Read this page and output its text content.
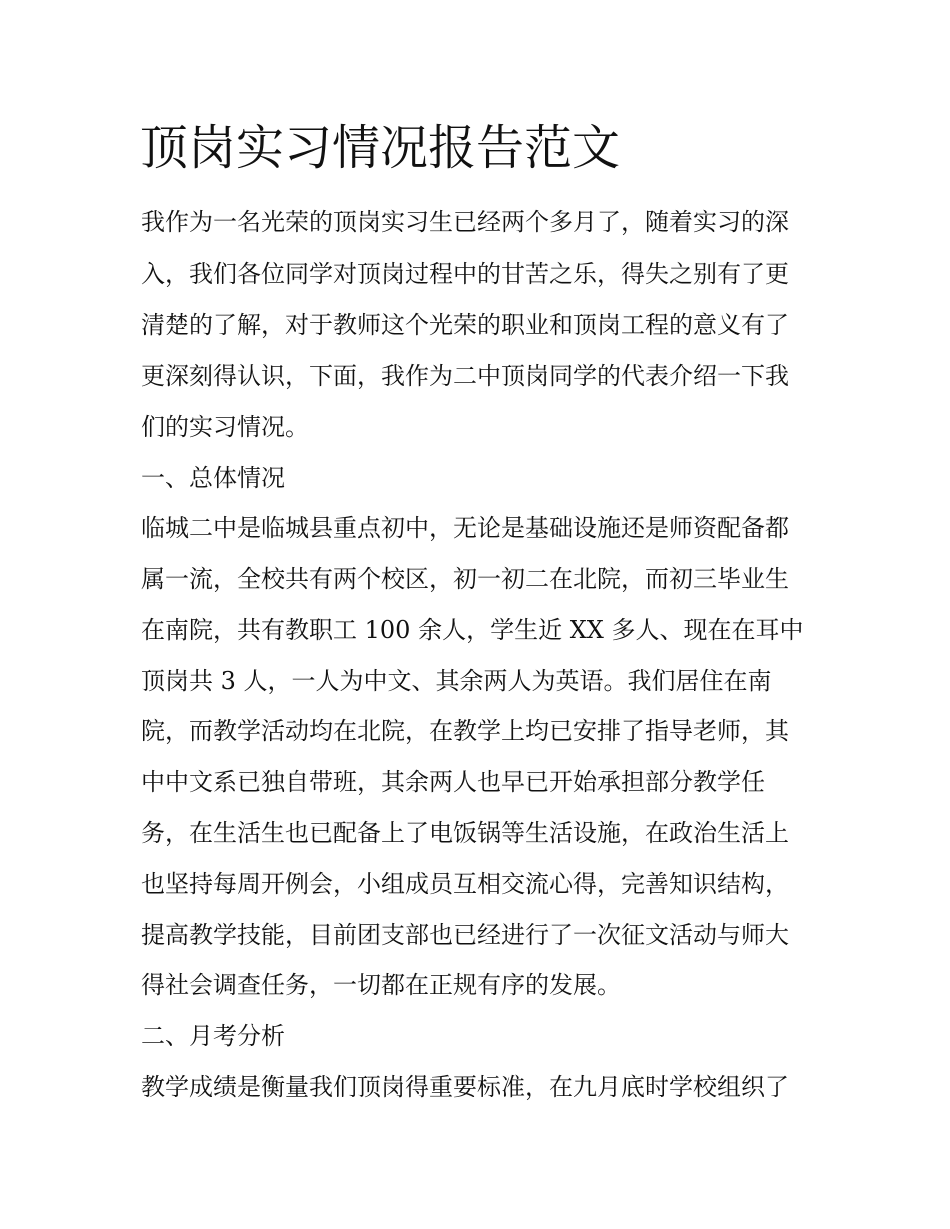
顶岗实习情况报告范文

我作为一名光荣的顶岗实习生已经两个多月了，随着实习的深

入，我们各位同学对顶岗过程中的甘苦之乐，得失之别有了更

清楚的了解，对于教师这个光荣的职业和顶岗工程的意义有了

更深刻得认识，下面，我作为二中顶岗同学的代表介绍一下我

们的实习情况。

一、总体情况

临城二中是临城县重点初中，无论是基础设施还是师资配备都

属一流，全校共有两个校区，初一初二在北院，而初三毕业生

在南院，共有教职工 100 余人，学生近 XX 多人、现在在耳中

顶岗共 3 人，一人为中文、其余两人为英语。我们居住在南

院，而教学活动均在北院，在教学上均已安排了指导老师，其

中中文系已独自带班，其余两人也早已开始承担部分教学任

务，在生活生也已配备上了电饭锅等生活设施，在政治生活上

也坚持每周开例会，小组成员互相交流心得，完善知识结构，

提高教学技能，目前团支部也已经进行了一次征文活动与师大

得社会调查任务，一切都在正规有序的发展。

二、月考分析

教学成绩是衡量我们顶岗得重要标准，在九月底时学校组织了
